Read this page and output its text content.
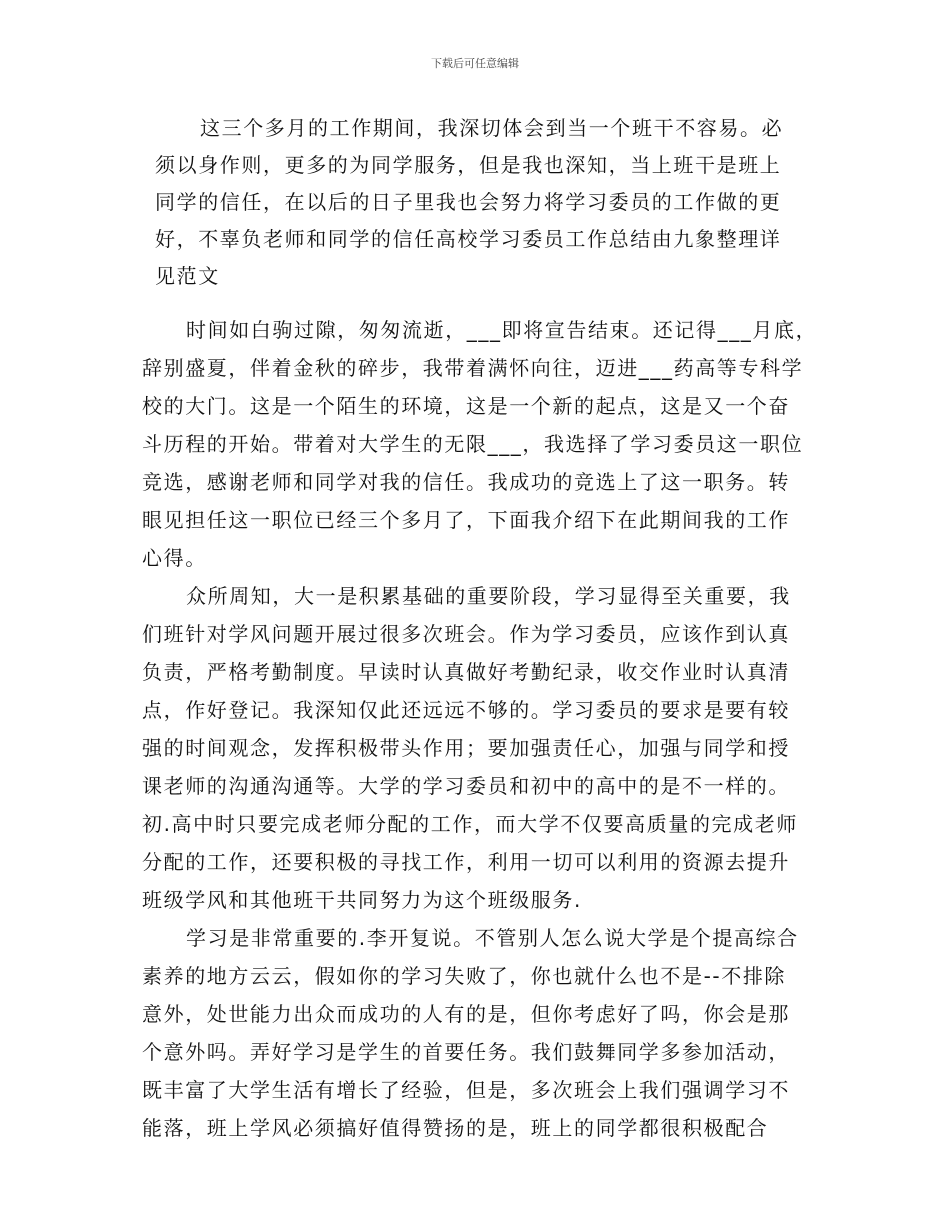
下载后可任意编辑
这三个多月的工作期间，我深切体会到当一个班干不容易。必
须以身作则，更多的为同学服务，但是我也深知，当上班干是班上
同学的信任，在以后的日子里我也会努力将学习委员的工作做的更
好，不辜负老师和同学的信任高校学习委员工作总结由九象整理详
见范文
时间如白驹过隙，匆匆流逝，___即将宣告结束。还记得___月底，
辞别盛夏，伴着金秋的碎步，我带着满怀向往，迈进___药高等专科学
校的大门。这是一个陌生的环境，这是一个新的起点，这是又一个奋
斗历程的开始。带着对大学生的无限___，我选择了学习委员这一职位
竞选，感谢老师和同学对我的信任。我成功的竞选上了这一职务。转
眼见担任这一职位已经三个多月了，下面我介绍下在此期间我的工作
心得。
众所周知，大一是积累基础的重要阶段，学习显得至关重要，我
们班针对学风问题开展过很多次班会。作为学习委员，应该作到认真
负责，严格考勤制度。早读时认真做好考勤纪录，收交作业时认真清
点，作好登记。我深知仅此还远远不够的。学习委员的要求是要有较
强的时间观念，发挥积极带头作用；要加强责任心，加强与同学和授
课老师的沟通沟通等。大学的学习委员和初中的高中的是不一样的。
初.高中时只要完成老师分配的工作，而大学不仅要高质量的完成老师
分配的工作，还要积极的寻找工作，利用一切可以利用的资源去提升
班级学风和其他班干共同努力为这个班级服务.
学习是非常重要的.李开复说。不管别人怎么说大学是个提高综合
素养的地方云云，假如你的学习失败了，你也就什么也不是--不排除
意外，处世能力出众而成功的人有的是，但你考虑好了吗，你会是那
个意外吗。弄好学习是学生的首要任务。我们鼓舞同学多参加活动，
既丰富了大学生活有增长了经验，但是，多次班会上我们强调学习不
能落，班上学风必须搞好值得赞扬的是，班上的同学都很积极配合
